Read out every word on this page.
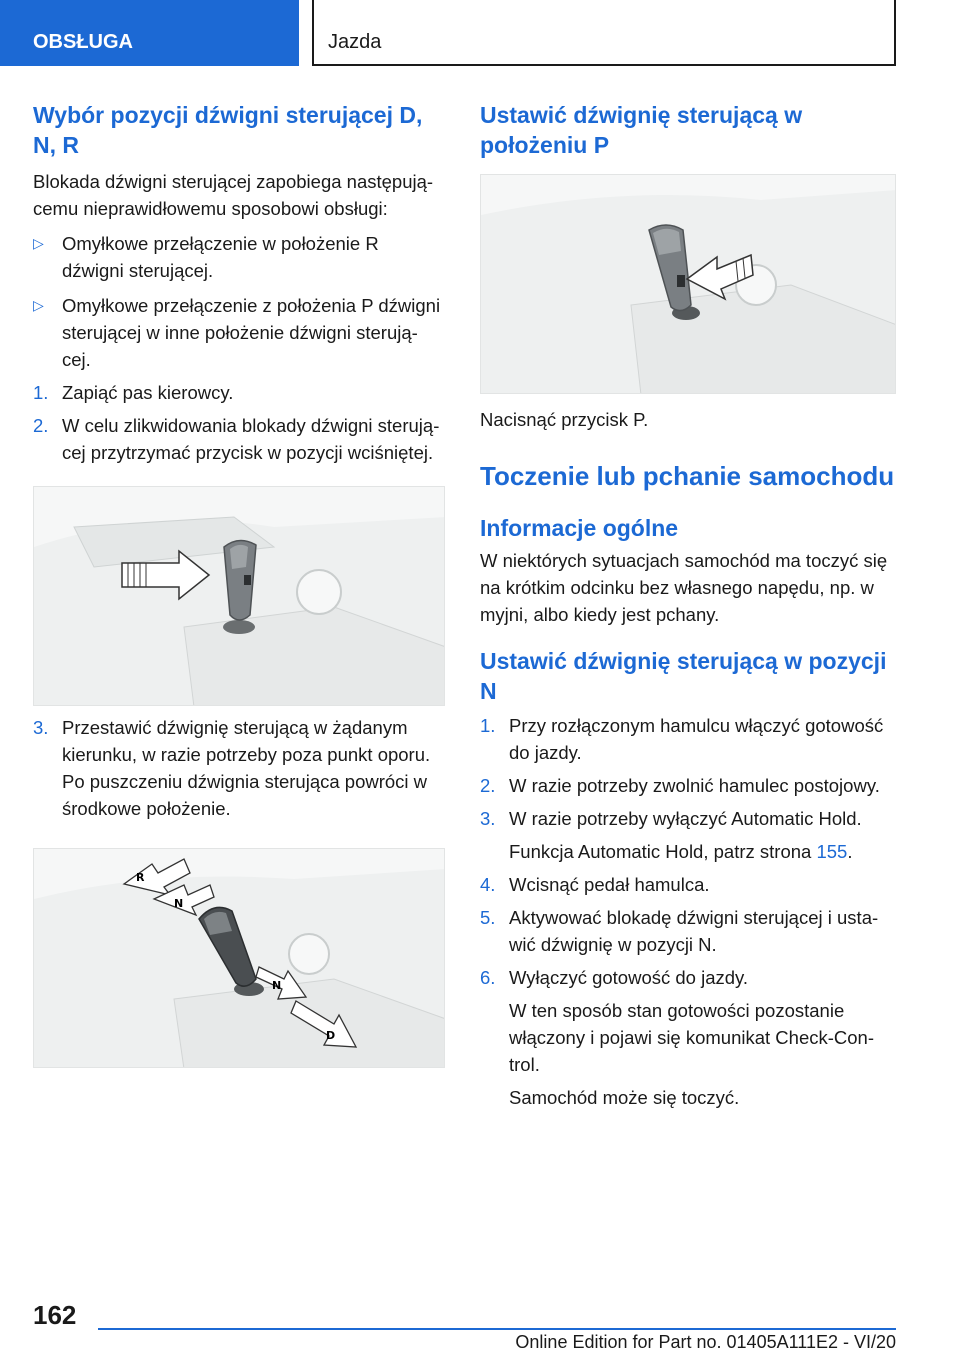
OBSŁUGA	Jazda
Wybór pozycji dźwigni sterującej D, N, R

Blokada dźwigni sterującej zapobiega następują-cemu nieprawidłowemu sposobowi obsługi:

▷ Omyłkowe przełączenie w położenie R dźwigni sterującej.
▷ Omyłkowe przełączenie z położenia P dźwigni sterującej w inne położenie dźwigni sterują-cej.
1. Zapiąć pas kierowcy.
2. W celu zlikwidowania blokady dźwigni sterują-cej przytrzymać przycisk w pozycji wciśniętej.
3. Przestawić dźwignię sterującą w żądanym kierunku, w razie potrzeby poza punkt oporu. Po puszczeniu dźwignia sterująca powróci w środkowe położenie.
R
N
N
D
Ustawić dźwignię sterującą w położeniu P

Nacisnąć przycisk P.

Toczenie lub pchanie samochodu
Informacje ogólne

W niektórych sytuacjach samochód ma toczyć się na krótkim odcinku bez własnego napędu, np. w myjni, albo kiedy jest pchany.

Ustawić dźwignię sterującą w pozycji N
1. Przy rozłączonym hamulcu włączyć gotowość do jazdy.
2. W razie potrzeby zwolnić hamulec postojowy.
3. W razie potrzeby wyłączyć Automatic Hold.
Funkcja Automatic Hold, patrz strona 155.
4. Wcisnąć pedał hamulca.
5. Aktywować blokadę dźwigni sterującej i usta-wić dźwignię w pozycji N.
6. Wyłączyć gotowość do jazdy.
W ten sposób stan gotowości pozostanie włączony i pojawi się komunikat Check-Con-trol.
Samochód może się toczyć.
162
Online Edition for Part no. 01405A111E2 - VI/20
